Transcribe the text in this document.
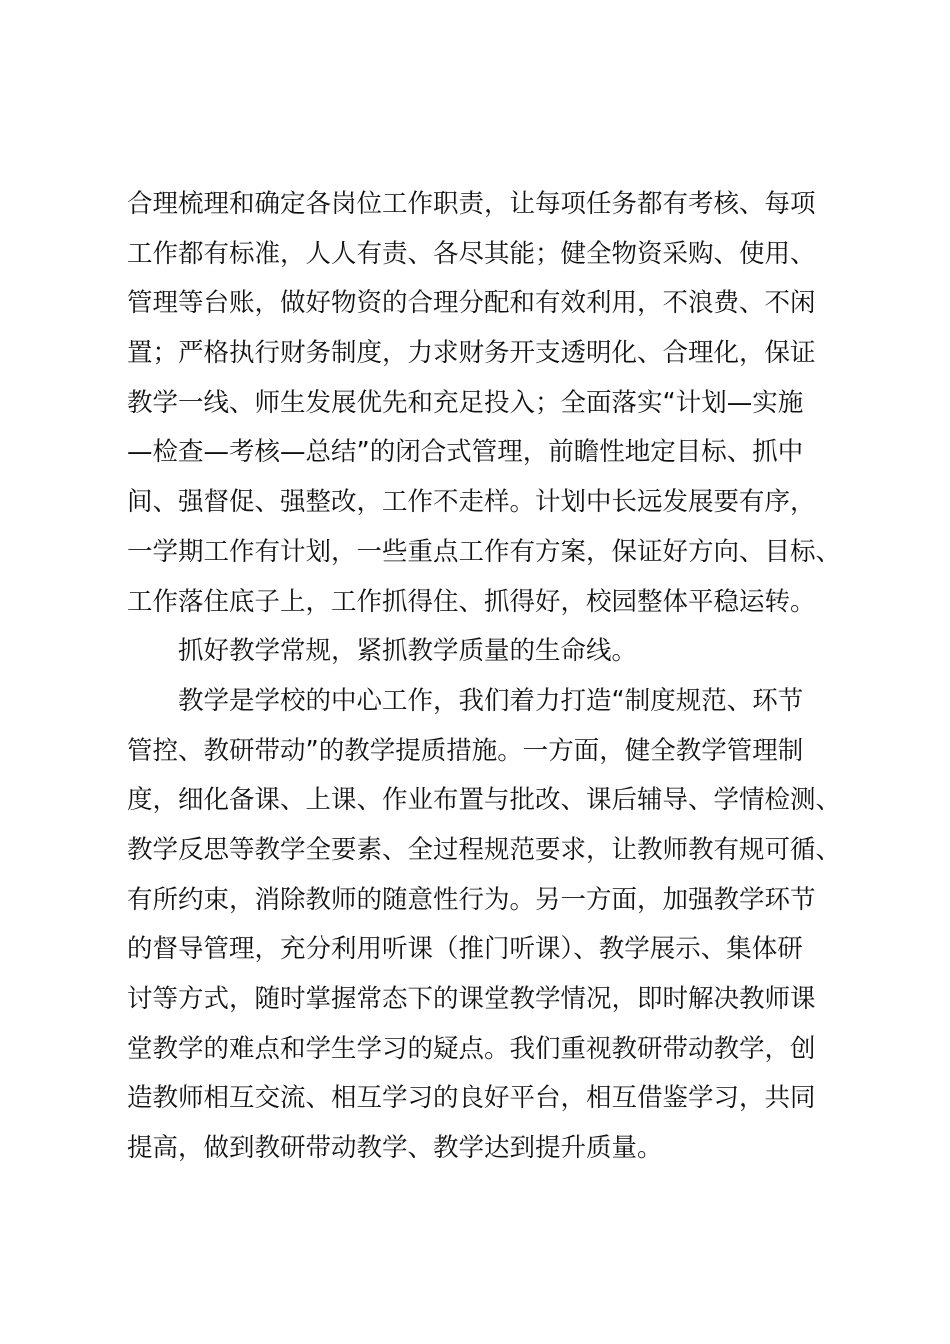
合理梳理和确定各岗位工作职责，让每项任务都有考核、每项
工作都有标准，人人有责、各尽其能；健全物资采购、使用、
管理等台账，做好物资的合理分配和有效利用，不浪费、不闲
置；严格执行财务制度，力求财务开支透明化、合理化，保证
教学一线、师生发展优先和充足投入；全面落实“计划—实施
—检查—考核—总结”的闭合式管理，前瞻性地定目标、抓中
间、强督促、强整改，工作不走样。计划中长远发展要有序，
一学期工作有计划，一些重点工作有方案，保证好方向、目标、
工作落住底子上，工作抓得住、抓得好，校园整体平稳运转。
抓好教学常规，紧抓教学质量的生命线。
教学是学校的中心工作，我们着力打造“制度规范、环节
管控、教研带动”的教学提质措施。一方面，健全教学管理制
度，细化备课、上课、作业布置与批改、课后辅导、学情检测、
教学反思等教学全要素、全过程规范要求，让教师教有规可循、
有所约束，消除教师的随意性行为。另一方面，加强教学环节
的督导管理，充分利用听课（推门听课）、教学展示、集体研
讨等方式，随时掌握常态下的课堂教学情况，即时解决教师课
堂教学的难点和学生学习的疑点。我们重视教研带动教学，创
造教师相互交流、相互学习的良好平台，相互借鉴学习，共同
提高，做到教研带动教学、教学达到提升质量。
